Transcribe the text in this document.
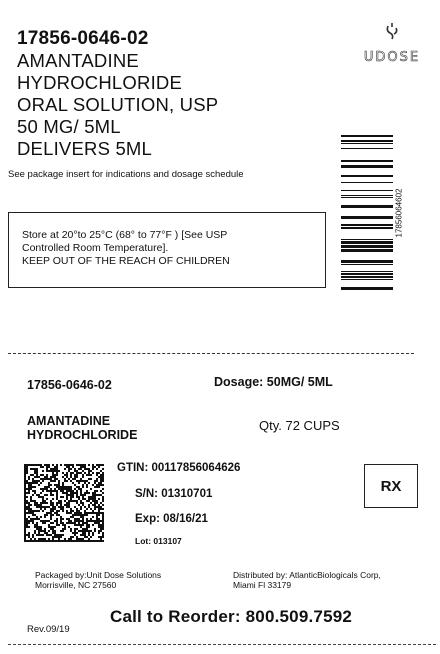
17856-0646-02
AMANTADINE
HYDROCHLORIDE
ORAL SOLUTION, USP
50 MG/ 5ML
DELIVERS 5ML
UDOSE
See package insert for indications and dosage schedule
Store at 20°to 25°C (68° to 77°F ) [See USP
Controlled Room Temperature].
KEEP OUT OF THE REACH OF CHILDREN
17856064602
17856-0646-02	Dosage: 50MG/ 5ML
AMANTADINE
HYDROCHLORIDE
Qty. 72 CUPS
GTIN: 00117856064626
S/N: 01310701
Exp: 08/16/21
Lot: 013107
RX
Packaged by:Unit Dose Solutions
Morrisville, NC 27560
Distributed by: AtlanticBiologicals Corp,
Miami Fl 33179
Rev.09/19
Call to Reorder: 800.509.7592
